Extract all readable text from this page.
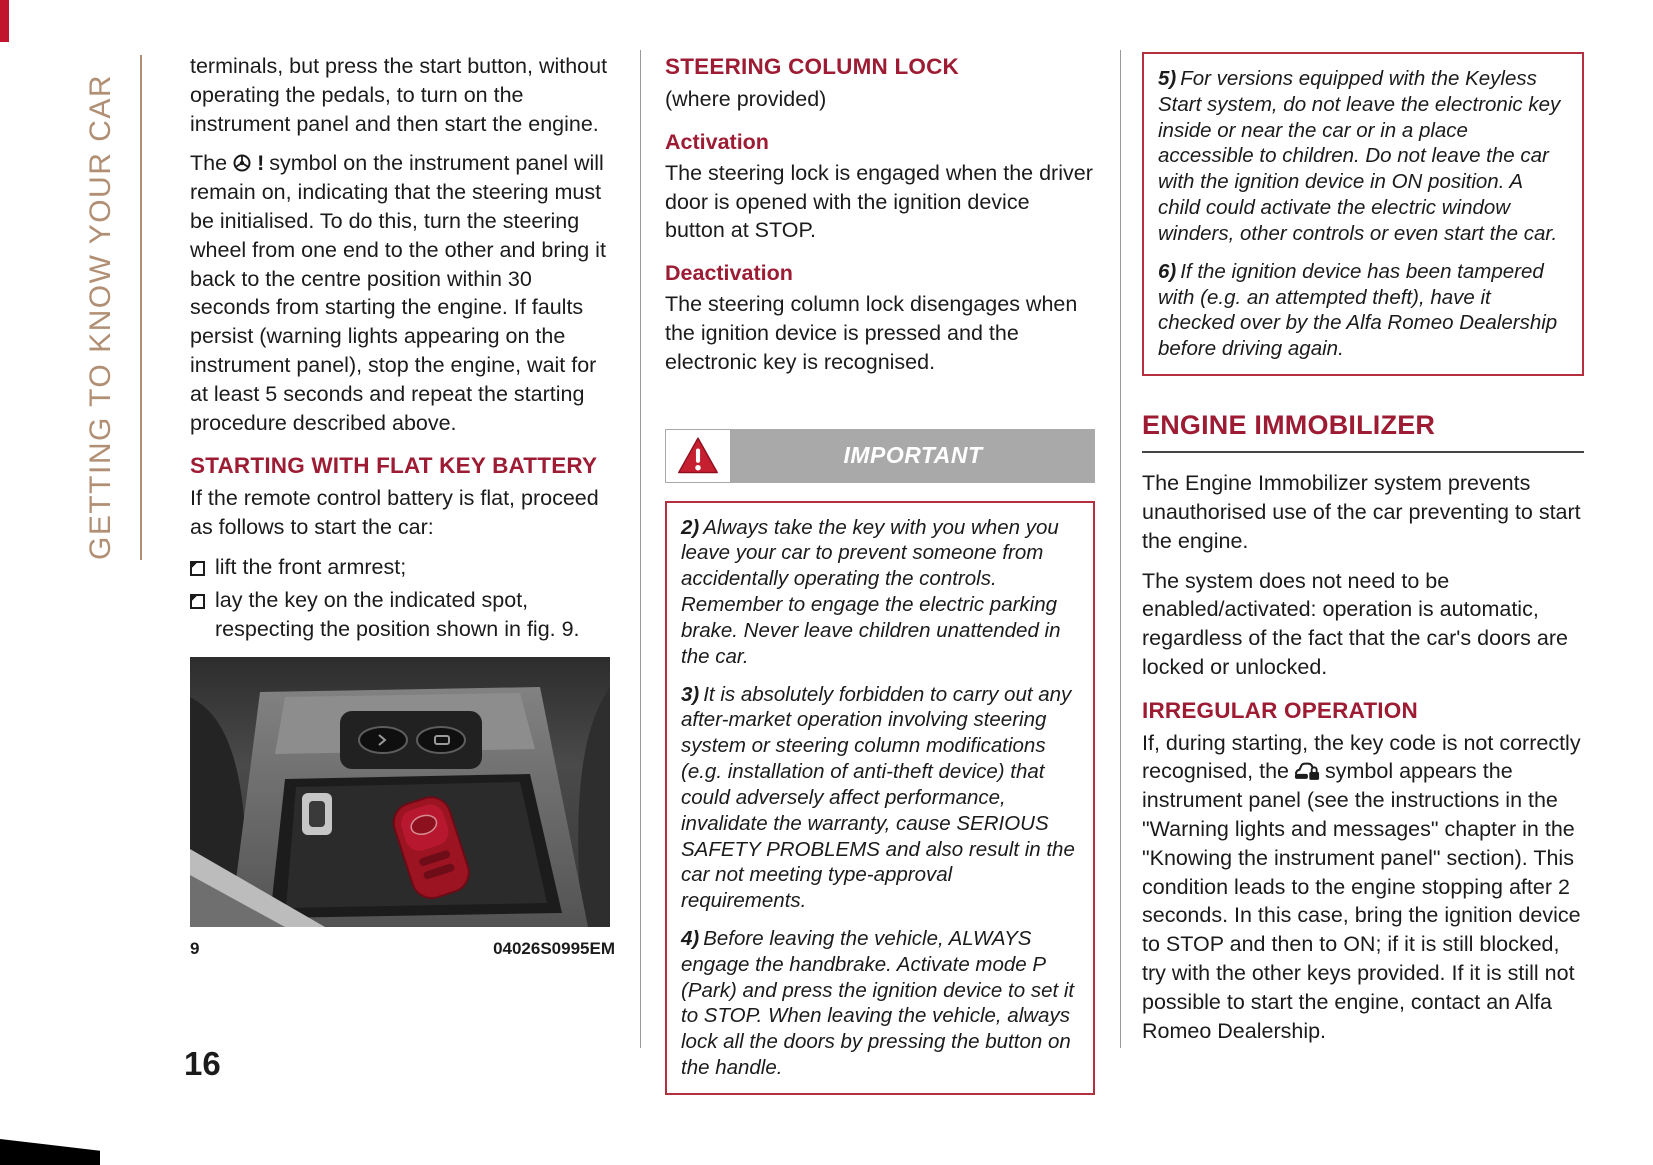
GETTING TO KNOW YOUR CAR

terminals, but press the start button, without operating the pedals, to turn on the instrument panel and then start the engine.

The ! symbol on the instrument panel will remain on, indicating that the steering must be initialised. To do this, turn the steering wheel from one end to the other and bring it back to the centre position within 30 seconds from starting the engine. If faults persist (warning lights appearing on the instrument panel), stop the engine, wait for at least 5 seconds and repeat the starting procedure described above.

STARTING WITH FLAT KEY BATTERY

If the remote control battery is flat, proceed as follows to start the car:

lift the front armrest;
lay the key on the indicated spot, respecting the position shown in fig. 9.
9	04026S0995EM
STEERING COLUMN LOCK

(where provided)

Activation

The steering lock is engaged when the driver door is opened with the ignition device button at STOP.

Deactivation

The steering column lock disengages when the ignition device is pressed and the electronic key is recognised.

IMPORTANT

2) Always take the key with you when you leave your car to prevent someone from accidentally operating the controls. Remember to engage the electric parking brake. Never leave children unattended in the car.

3) It is absolutely forbidden to carry out any after-market operation involving steering system or steering column modifications (e.g. installation of anti-theft device) that could adversely affect performance, invalidate the warranty, cause SERIOUS SAFETY PROBLEMS and also result in the car not meeting type-approval requirements.

4) Before leaving the vehicle, ALWAYS engage the handbrake. Activate mode P (Park) and press the ignition device to set it to STOP. When leaving the vehicle, always lock all the doors by pressing the button on the handle.

5) For versions equipped with the Keyless Start system, do not leave the electronic key inside or near the car or in a place accessible to children. Do not leave the car with the ignition device in ON position. A child could activate the electric window winders, other controls or even start the car.

6) If the ignition device has been tampered with (e.g. an attempted theft), have it checked over by the Alfa Romeo Dealership before driving again.

ENGINE IMMOBILIZER

The Engine Immobilizer system prevents unauthorised use of the car preventing to start the engine.

The system does not need to be enabled/activated: operation is automatic, regardless of the fact that the car's doors are locked or unlocked.

IRREGULAR OPERATION

If, during starting, the key code is not correctly recognised, the symbol appears the instrument panel (see the instructions in the "Warning lights and messages" chapter in the "Knowing the instrument panel" section). This condition leads to the engine stopping after 2 seconds. In this case, bring the ignition device to STOP and then to ON; if it is still blocked, try with the other keys provided. If it is still not possible to start the engine, contact an Alfa Romeo Dealership.

16
